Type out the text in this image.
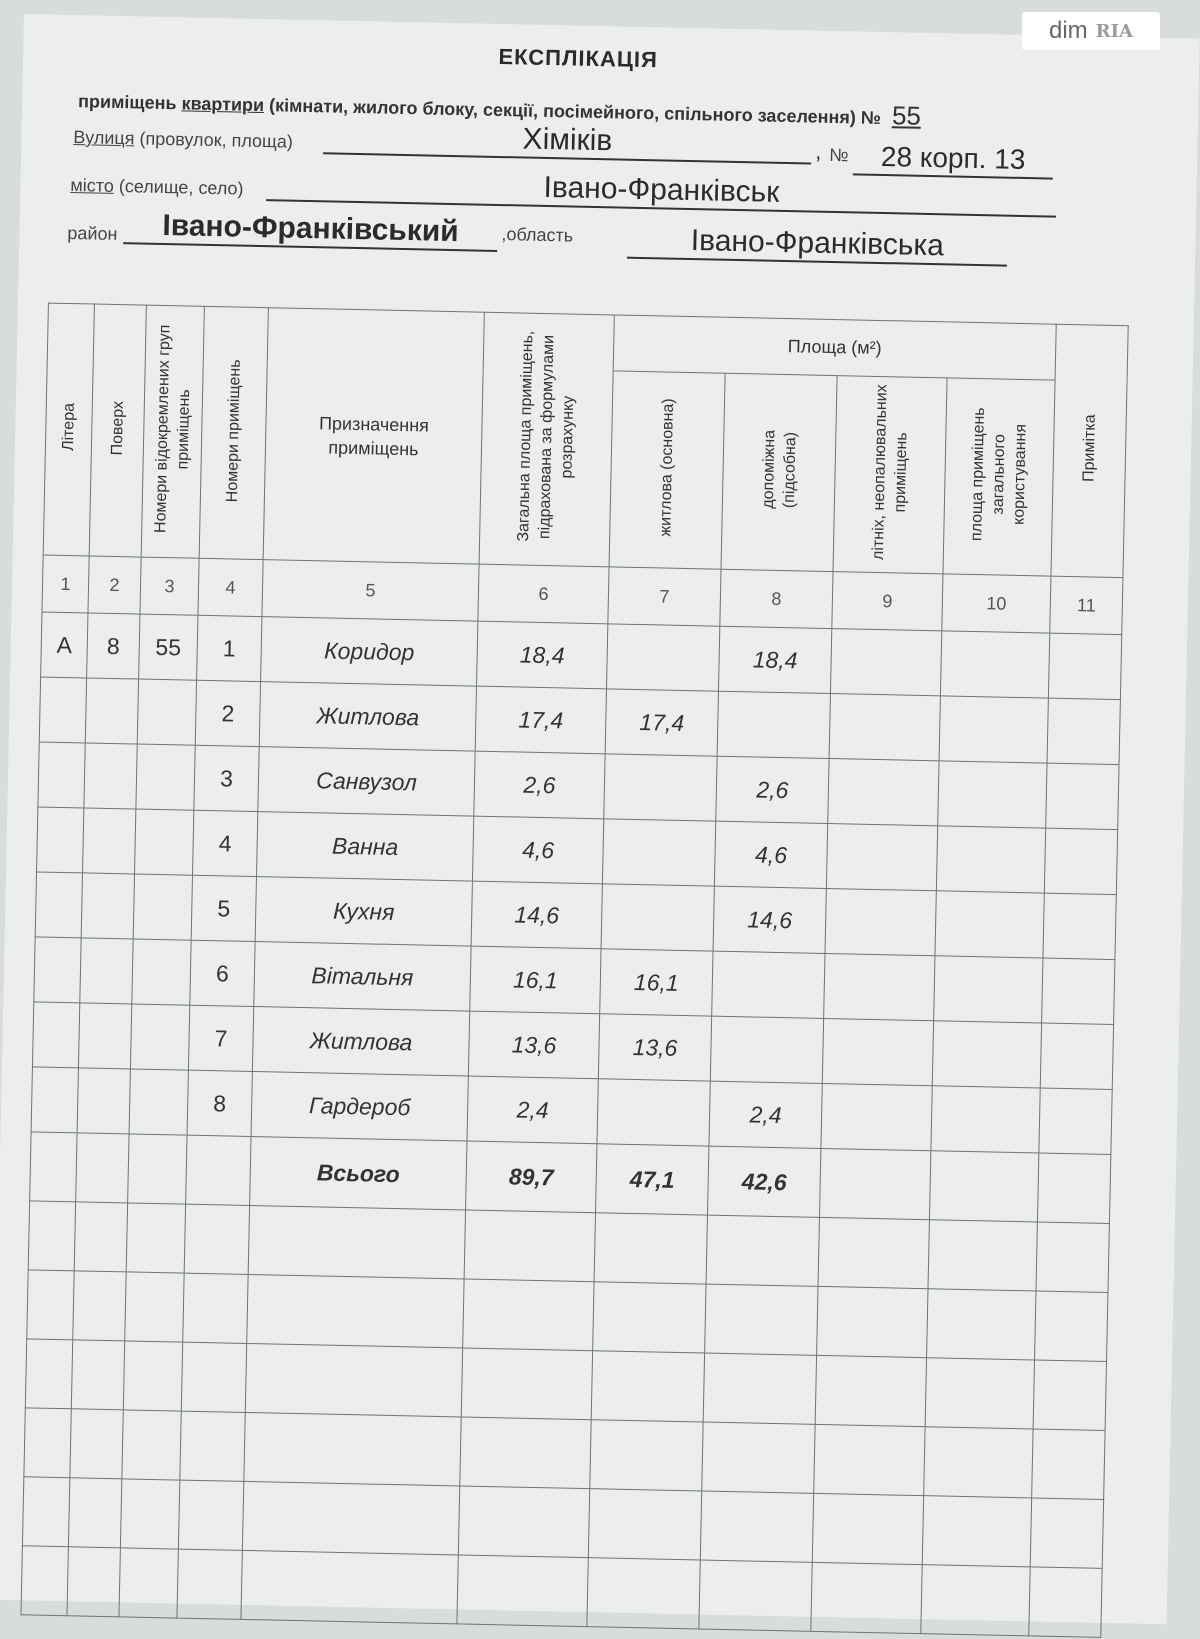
ЕКСПЛІКАЦІЯ
приміщень квартири (кімнати, жилого блоку, секції, посімейного, спільного заселення) № 55
Вулиця (провулок, площа)	Хіміків	, №	28 корп. 13
місто (селище, село)	Івано-Франківськ
район	Івано-Франківський	,область	Івано-Франківська
Літера	Поверх	Номери відокремлених груп приміщень	Номери приміщень	Призначення приміщень	Загальна площа приміщень, підрахована за формулами розрахунку	Площа (м²)				Примітка
						житлова (основна)	допоміжна (підсобна)	літніх, неопалювальних приміщень	площа приміщень загального користування	
1	2	3	4	5	6	7	8	9	10	11
А	8	55	1	Коридор	18,4		18,4			
			2	Житлова	17,4	17,4				
			3	Санвузол	2,6		2,6			
			4	Ванна	4,6		4,6			
			5	Кухня	14,6		14,6			
			6	Вітальня	16,1	16,1				
			7	Житлова	13,6	13,6				
			8	Гардероб	2,4		2,4			
				Всього	89,7	47,1	42,6			

dim RIA
